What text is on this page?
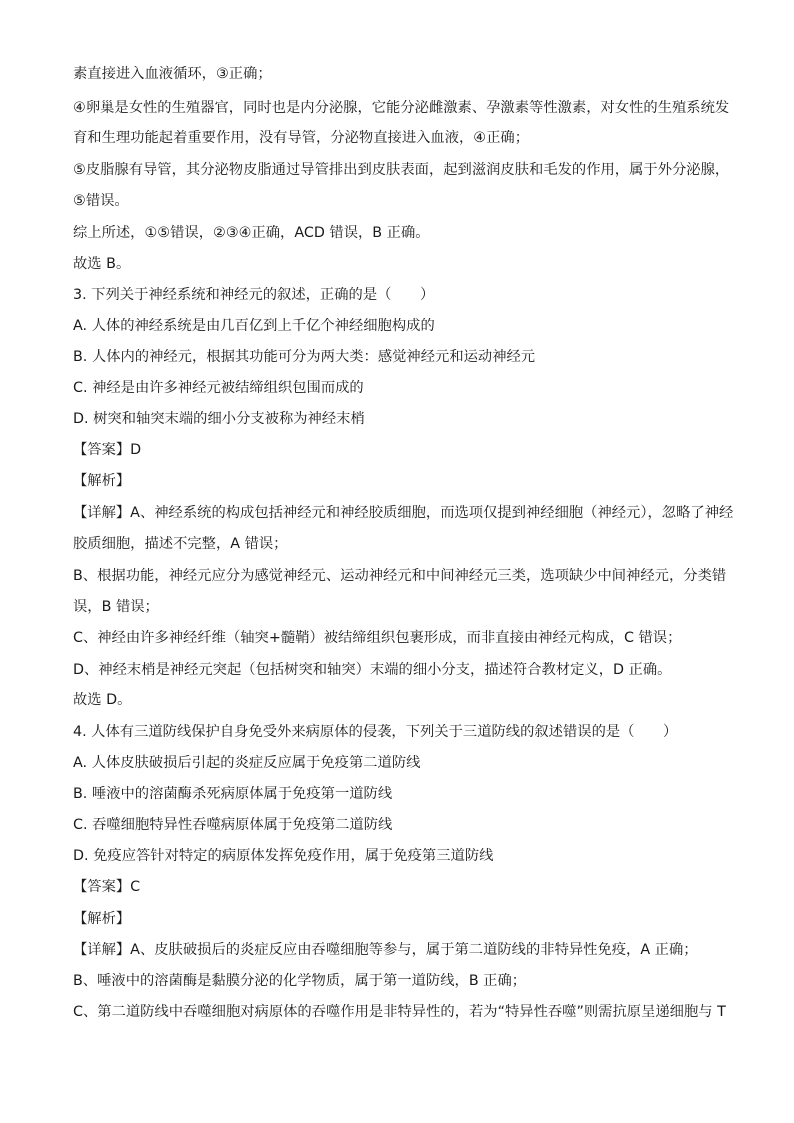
素直接进入血液循环，③正确；
④卵巢是女性的生殖器官，同时也是内分泌腺，它能分泌雌激素、孕激素等性激素，对女性的生殖系统发
育和生理功能起着重要作用，没有导管，分泌物直接进入血液，④正确；
⑤皮脂腺有导管，其分泌物皮脂通过导管排出到皮肤表面，起到滋润皮肤和毛发的作用，属于外分泌腺，
⑤错误。
综上所述，①⑤错误，②③④正确，ACD 错误，B 正确。
故选 B。
3. 下列关于神经系统和神经元的叙述，正确的是（　　）
A. 人体的神经系统是由几百亿到上千亿个神经细胞构成的
B. 人体内的神经元，根据其功能可分为两大类：感觉神经元和运动神经元
C. 神经是由许多神经元被结缔组织包围而成的
D. 树突和轴突末端的细小分支被称为神经末梢
【答案】D
【解析】
【详解】A、神经系统的构成包括神经元和神经胶质细胞，而选项仅提到神经细胞（神经元），忽略了神经
胶质细胞，描述不完整，A 错误；
B、根据功能，神经元应分为感觉神经元、运动神经元和中间神经元三类，选项缺少中间神经元，分类错
误，B 错误；
C、神经由许多神经纤维（轴突+髓鞘）被结缔组织包裹形成，而非直接由神经元构成，C 错误；
D、神经末梢是神经元突起（包括树突和轴突）末端的细小分支，描述符合教材定义，D 正确。
故选 D。
4. 人体有三道防线保护自身免受外来病原体的侵袭，下列关于三道防线的叙述错误的是（　　）
A. 人体皮肤破损后引起的炎症反应属于免疫第二道防线
B. 唾液中的溶菌酶杀死病原体属于免疫第一道防线
C. 吞噬细胞特异性吞噬病原体属于免疫第二道防线
D. 免疫应答针对特定的病原体发挥免疫作用，属于免疫第三道防线
【答案】C
【解析】
【详解】A、皮肤破损后的炎症反应由吞噬细胞等参与，属于第二道防线的非特异性免疫，A 正确；
B、唾液中的溶菌酶是黏膜分泌的化学物质，属于第一道防线，B 正确；
C、第二道防线中吞噬细胞对病原体的吞噬作用是非特异性的，若为“特异性吞噬”则需抗原呈递细胞与 T
